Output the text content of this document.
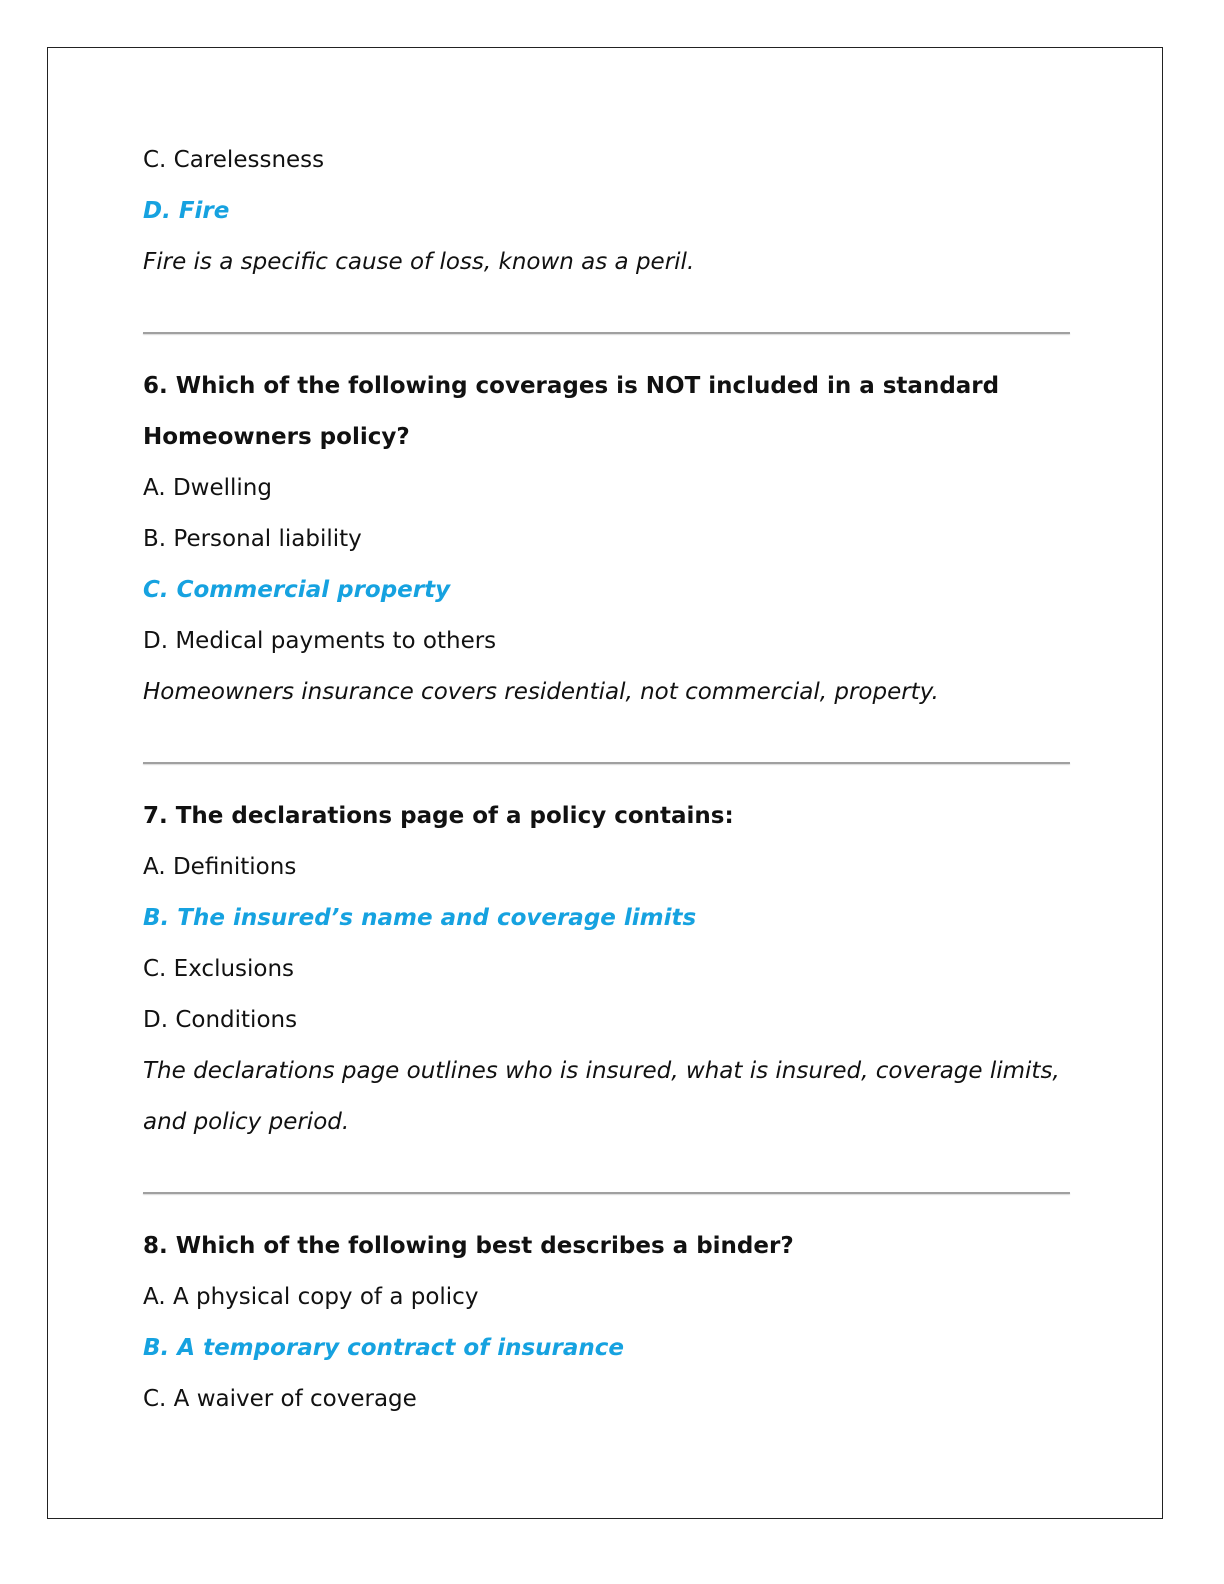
C. Carelessness
D. Fire
Fire is a specific cause of loss, known as a peril.
6. Which of the following coverages is NOT included in a standard Homeowners policy?
A. Dwelling
B. Personal liability
C. Commercial property
D. Medical payments to others
Homeowners insurance covers residential, not commercial, property.
7. The declarations page of a policy contains:
A. Definitions
B. The insured’s name and coverage limits
C. Exclusions
D. Conditions
The declarations page outlines who is insured, what is insured, coverage limits, and policy period.
8. Which of the following best describes a binder?
A. A physical copy of a policy
B. A temporary contract of insurance
C. A waiver of coverage
